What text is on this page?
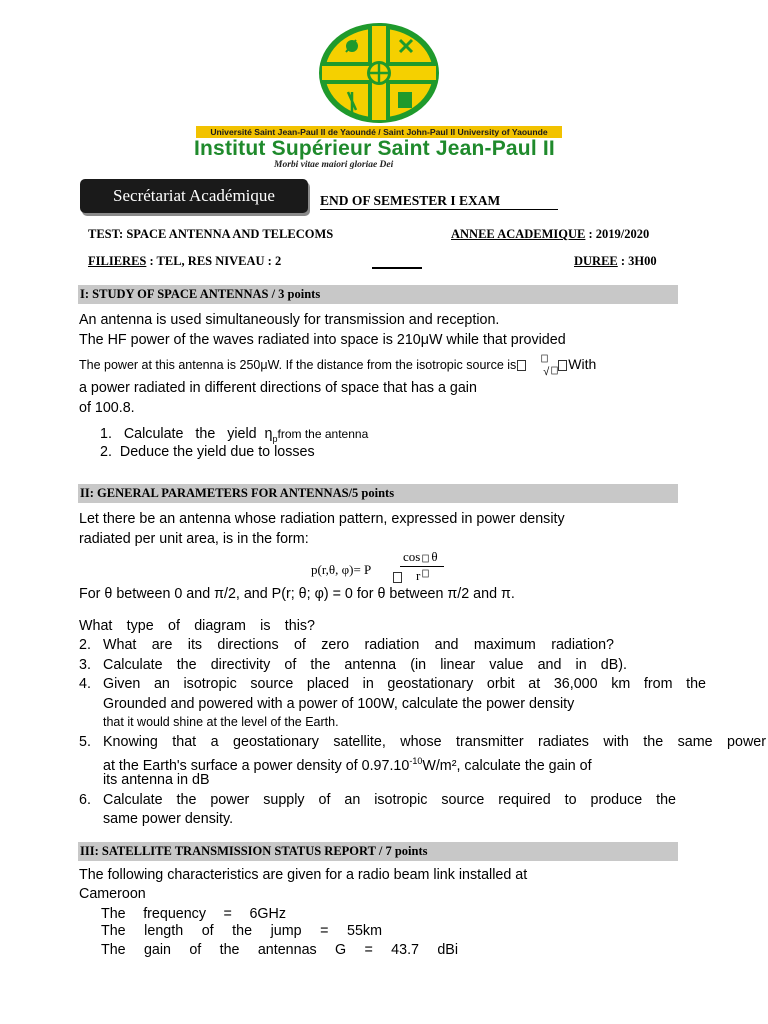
Université Saint Jean-Paul II de Yaoundé / Saint John-Paul II University of Yaounde
Institut Supérieur Saint Jean-Paul II
Morbi vitae maiori gloriae Dei
Secrétariat Académique	END OF SEMESTER I EXAM
TEST: SPACE ANTENNA AND TELECOMS	ANNEE ACADEMIQUE : 2019/2020
FILIERES : TEL, RES NIVEAU : 2	DUREE : 3H00
I: STUDY OF SPACE ANTENNAS / 3 points
An antenna is used simultaneously for transmission and reception.
The HF power of the waves radiated into space is 210μW while that provided
The power at this antenna is 250μW. If the distance from the isotropic source is √ With
a power radiated in different directions of space that has a gain
of 100.8.
1. Calculate the yield $\eta_pfrom$ the antenna
2. Deduce the yield due to losses
II: GENERAL PARAMETERS FOR ANTENNAS/5 points
Let there be an antenna whose radiation pattern, expressed in power density
radiated per unit area, is in the form:
p(r,θ, φ)= P
cos θ
r
For θ between 0 and π/2, and P(r; θ; φ) = 0 for θ between π/2 and π.
What type of diagram is this?
2. What are its directions of zero radiation and maximum radiation?
3. Calculate the directivity of the antenna (in linear value and in dB).
4. Given an isotropic source placed in geostationary orbit at 36,000 km from the
Grounded and powered with a power of 100W, calculate the power density
that it would shine at the level of the Earth.
5. Knowing that a geostationary satellite, whose transmitter radiates with the same power
at the Earth's surface a power density of $0.97.10^{-10}W/m^2$, calculate the gain of
its antenna in dB
6. Calculate the power supply of an isotropic source required to produce the
same power density.
III: SATELLITE TRANSMISSION STATUS REPORT / 7 points
The following characteristics are given for a radio beam link installed at
Cameroon
The frequency = 6GHz
The length of the jump = 55km
The gain of the antennas G = 43.7 dBi
